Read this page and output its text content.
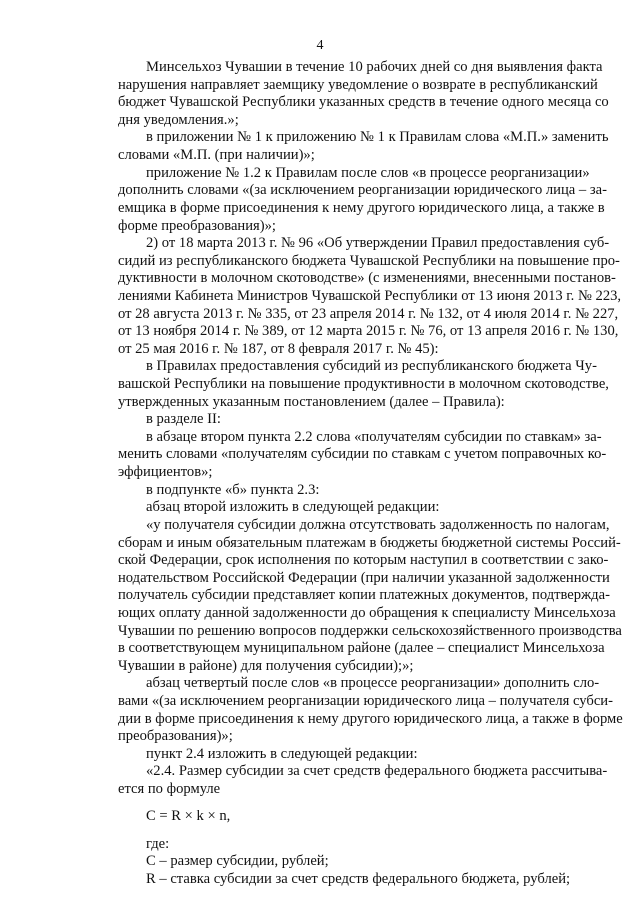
4
Минсельхоз Чувашии в течение 10 рабочих дней со дня выявления факта
нарушения направляет заемщику уведомление о возврате в республиканский
бюджет Чувашской Республики указанных средств в течение одного месяца со
дня уведомления.»;
в приложении № 1 к приложению № 1 к Правилам слова «М.П.» заменить
словами «М.П. (при наличии)»;
приложение № 1.2 к Правилам после слов «в процессе реорганизации»
дополнить словами «(за исключением реорганизации юридического лица – за-
емщика в форме присоединения к нему другого юридического лица, а также в
форме преобразования)»;
2) от 18 марта 2013 г. № 96 «Об утверждении Правил предоставления суб-
сидий из республиканского бюджета Чувашской Республики на повышение про-
дуктивности в молочном скотоводстве» (с изменениями, внесенными постанов-
лениями Кабинета Министров Чувашской Республики от 13 июня 2013 г. № 223,
от 28 августа 2013 г. № 335, от 23 апреля 2014 г. № 132, от 4 июля 2014 г. № 227,
от 13 ноября 2014 г. № 389, от 12 марта 2015 г. № 76, от 13 апреля 2016 г. № 130,
от 25 мая 2016 г. № 187, от 8 февраля 2017 г. № 45):
в Правилах предоставления субсидий из республиканского бюджета Чу-
вашской Республики на повышение продуктивности в молочном скотоводстве,
утвержденных указанным постановлением (далее – Правила):
в разделе II:
в абзаце втором пункта 2.2 слова «получателям субсидии по ставкам» за-
менить словами «получателям субсидии по ставкам с учетом поправочных ко-
эффициентов»;
в подпункте «б» пункта 2.3:
абзац второй изложить в следующей редакции:
«у получателя субсидии должна отсутствовать задолженность по налогам,
сборам и иным обязательным платежам в бюджеты бюджетной системы Россий-
ской Федерации, срок исполнения по которым наступил в соответствии с зако-
нодательством Российской Федерации (при наличии указанной задолженности
получатель субсидии представляет копии платежных документов, подтвержда-
ющих оплату данной задолженности до обращения к специалисту Минсельхоза
Чувашии по решению вопросов поддержки сельскохозяйственного производства
в соответствующем муниципальном районе (далее – специалист Минсельхоза
Чувашии в районе) для получения субсидии);»;
абзац четвертый после слов «в процессе реорганизации» дополнить сло-
вами «(за исключением реорганизации юридического лица – получателя субси-
дии в форме присоединения к нему другого юридического лица, а также в форме
преобразования)»;
пункт 2.4 изложить в следующей редакции:
«2.4. Размер субсидии за счет средств федерального бюджета рассчитыва-
ется по формуле
C = R × k × n,
где:
C – размер субсидии, рублей;
R – ставка субсидии за счет средств федерального бюджета, рублей;
